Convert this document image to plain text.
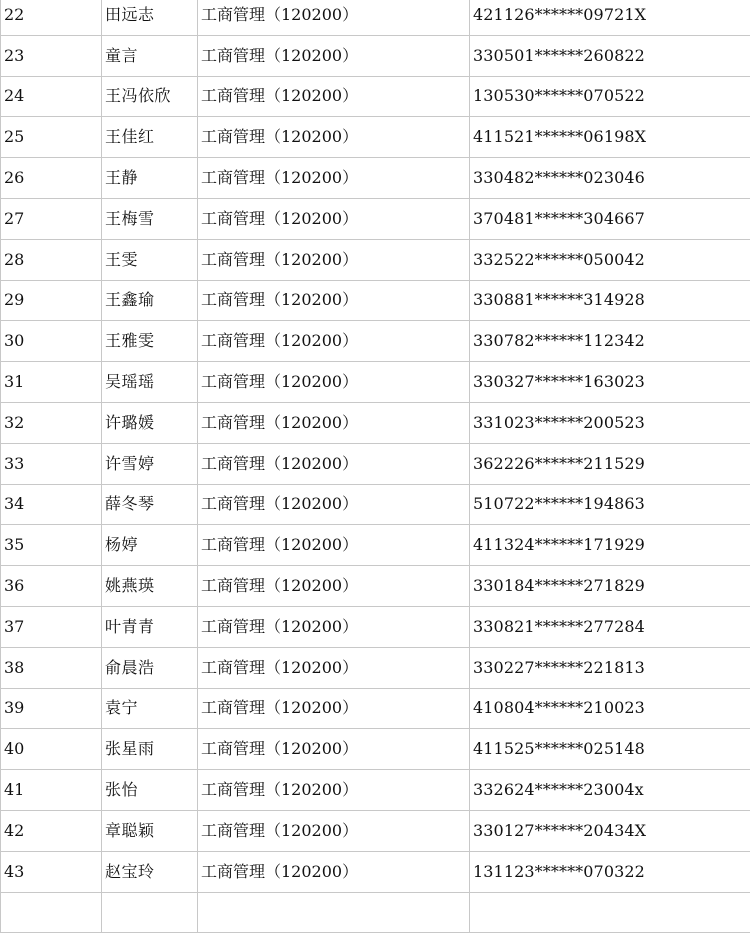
22	田远志	工商管理（120200）	421126******09721X
23	童言	工商管理（120200）	330501******260822
24	王冯依欣	工商管理（120200）	130530******070522
25	王佳红	工商管理（120200）	411521******06198X
26	王静	工商管理（120200）	330482******023046
27	王梅雪	工商管理（120200）	370481******304667
28	王雯	工商管理（120200）	332522******050042
29	王鑫瑜	工商管理（120200）	330881******314928
30	王雅雯	工商管理（120200）	330782******112342
31	吴瑶瑶	工商管理（120200）	330327******163023
32	许璐媛	工商管理（120200）	331023******200523
33	许雪婷	工商管理（120200）	362226******211529
34	薛冬琴	工商管理（120200）	510722******194863
35	杨婷	工商管理（120200）	411324******171929
36	姚燕瑛	工商管理（120200）	330184******271829
37	叶青青	工商管理（120200）	330821******277284
38	俞晨浩	工商管理（120200）	330227******221813
39	袁宁	工商管理（120200）	410804******210023
40	张星雨	工商管理（120200）	411525******025148
41	张怡	工商管理（120200）	332624******23004x
42	章聪颖	工商管理（120200）	330127******20434X
43	赵宝玲	工商管理（120200）	131123******070322
